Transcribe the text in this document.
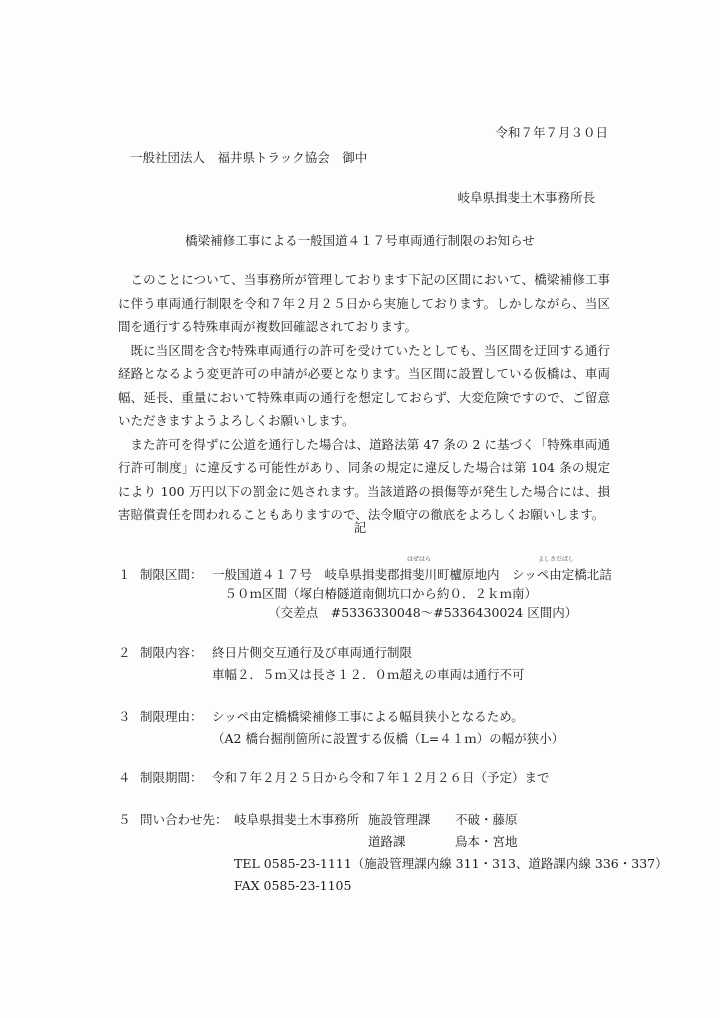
令和７年７月３０日
一般社団法人　福井県トラック協会　御中
岐阜県揖斐土木事務所長
橋梁補修工事による一般国道４１７号車両通行制限のお知らせ

このことについて、当事務所が管理しております下記の区間において、橋梁補修工事に伴う車両通行制限を令和７年２月２５日から実施しております。しかしながら、当区間を通行する特殊車両が複数回確認されております。

既に当区間を含む特殊車両通行の許可を受けていたとしても、当区間を迂回する通行経路となるよう変更許可の申請が必要となります。当区間に設置している仮橋は、車両幅、延長、重量において特殊車両の通行を想定しておらず、大変危険ですので、ご留意いただきますようよろしくお願いします。

また許可を得ずに公道を通行した場合は、道路法第 47 条の 2 に基づく「特殊車両通行許可制度」に違反する可能性があり、同条の規定に違反した場合は第 104 条の規定により 100 万円以下の罰金に処されます。当該道路の損傷等が発生した場合には、損害賠償責任を問われることもありますので、法令順守の徹底をよろしくお願いします。

記
１ 制限区間： 一般国道４１７号　岐阜県揖斐郡揖斐川町櫨原地内　シッペ由定橋北詰
　５０ｍ区間（塚白椿隧道南側坑口から約０．２ｋｍ南）
　　　　　（交差点　#5336330048～#5336430024 区間内）
はぜはら	よしさだばし
２ 制限内容： 終日片側交互通行及び車両通行制限
車幅２．５ｍ又は長さ１２．０ｍ超えの車両は通行不可
３ 制限理由： シッペ由定橋橋梁補修工事による幅員狭小となるため。
（A2 橋台掘削箇所に設置する仮橋（L=４１ｍ）の幅が狭小）
４ 制限期間： 令和７年２月２５日から令和７年１２月２６日（予定）まで
５ 問い合わせ先： 岐阜県揖斐土木事務所 施設管理課 不破・藤原
道路課	鳥本・宮地
TEL 0585-23-1111（施設管理課内線 311・313、道路課内線 336・337）
FAX 0585-23-1105
